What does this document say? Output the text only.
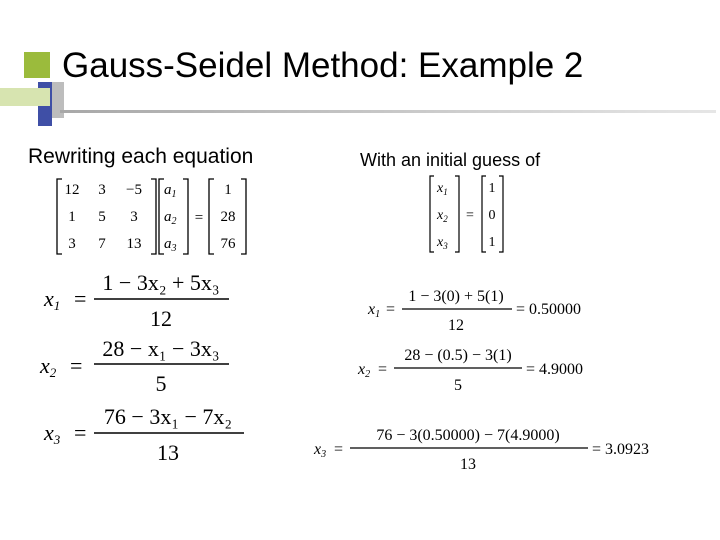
Gauss-Seidel Method: Example 2
Rewriting each equation	With an initial guess of
12 3 −5
1 5 3
3 7 13
$a_1$
$a_2$
$a_3$
=
1
28
76
$x_1$
$x_2$
$x_3$
=
1
0
1
x1 =
1 − 3x₂ + 5x₃
12
x2 =
28 − x₁ − 3x₃
5
x3 =
76 − 3x₁ − 7x₂
13
x1 =
1 − 3(0) + 5(1)
12
= 0.50000
x2 =
28 − (0.5) − 3(1)
5
= 4.9000
x3 =
76 − 3(0.50000) − 7(4.9000)
13
= 3.0923
